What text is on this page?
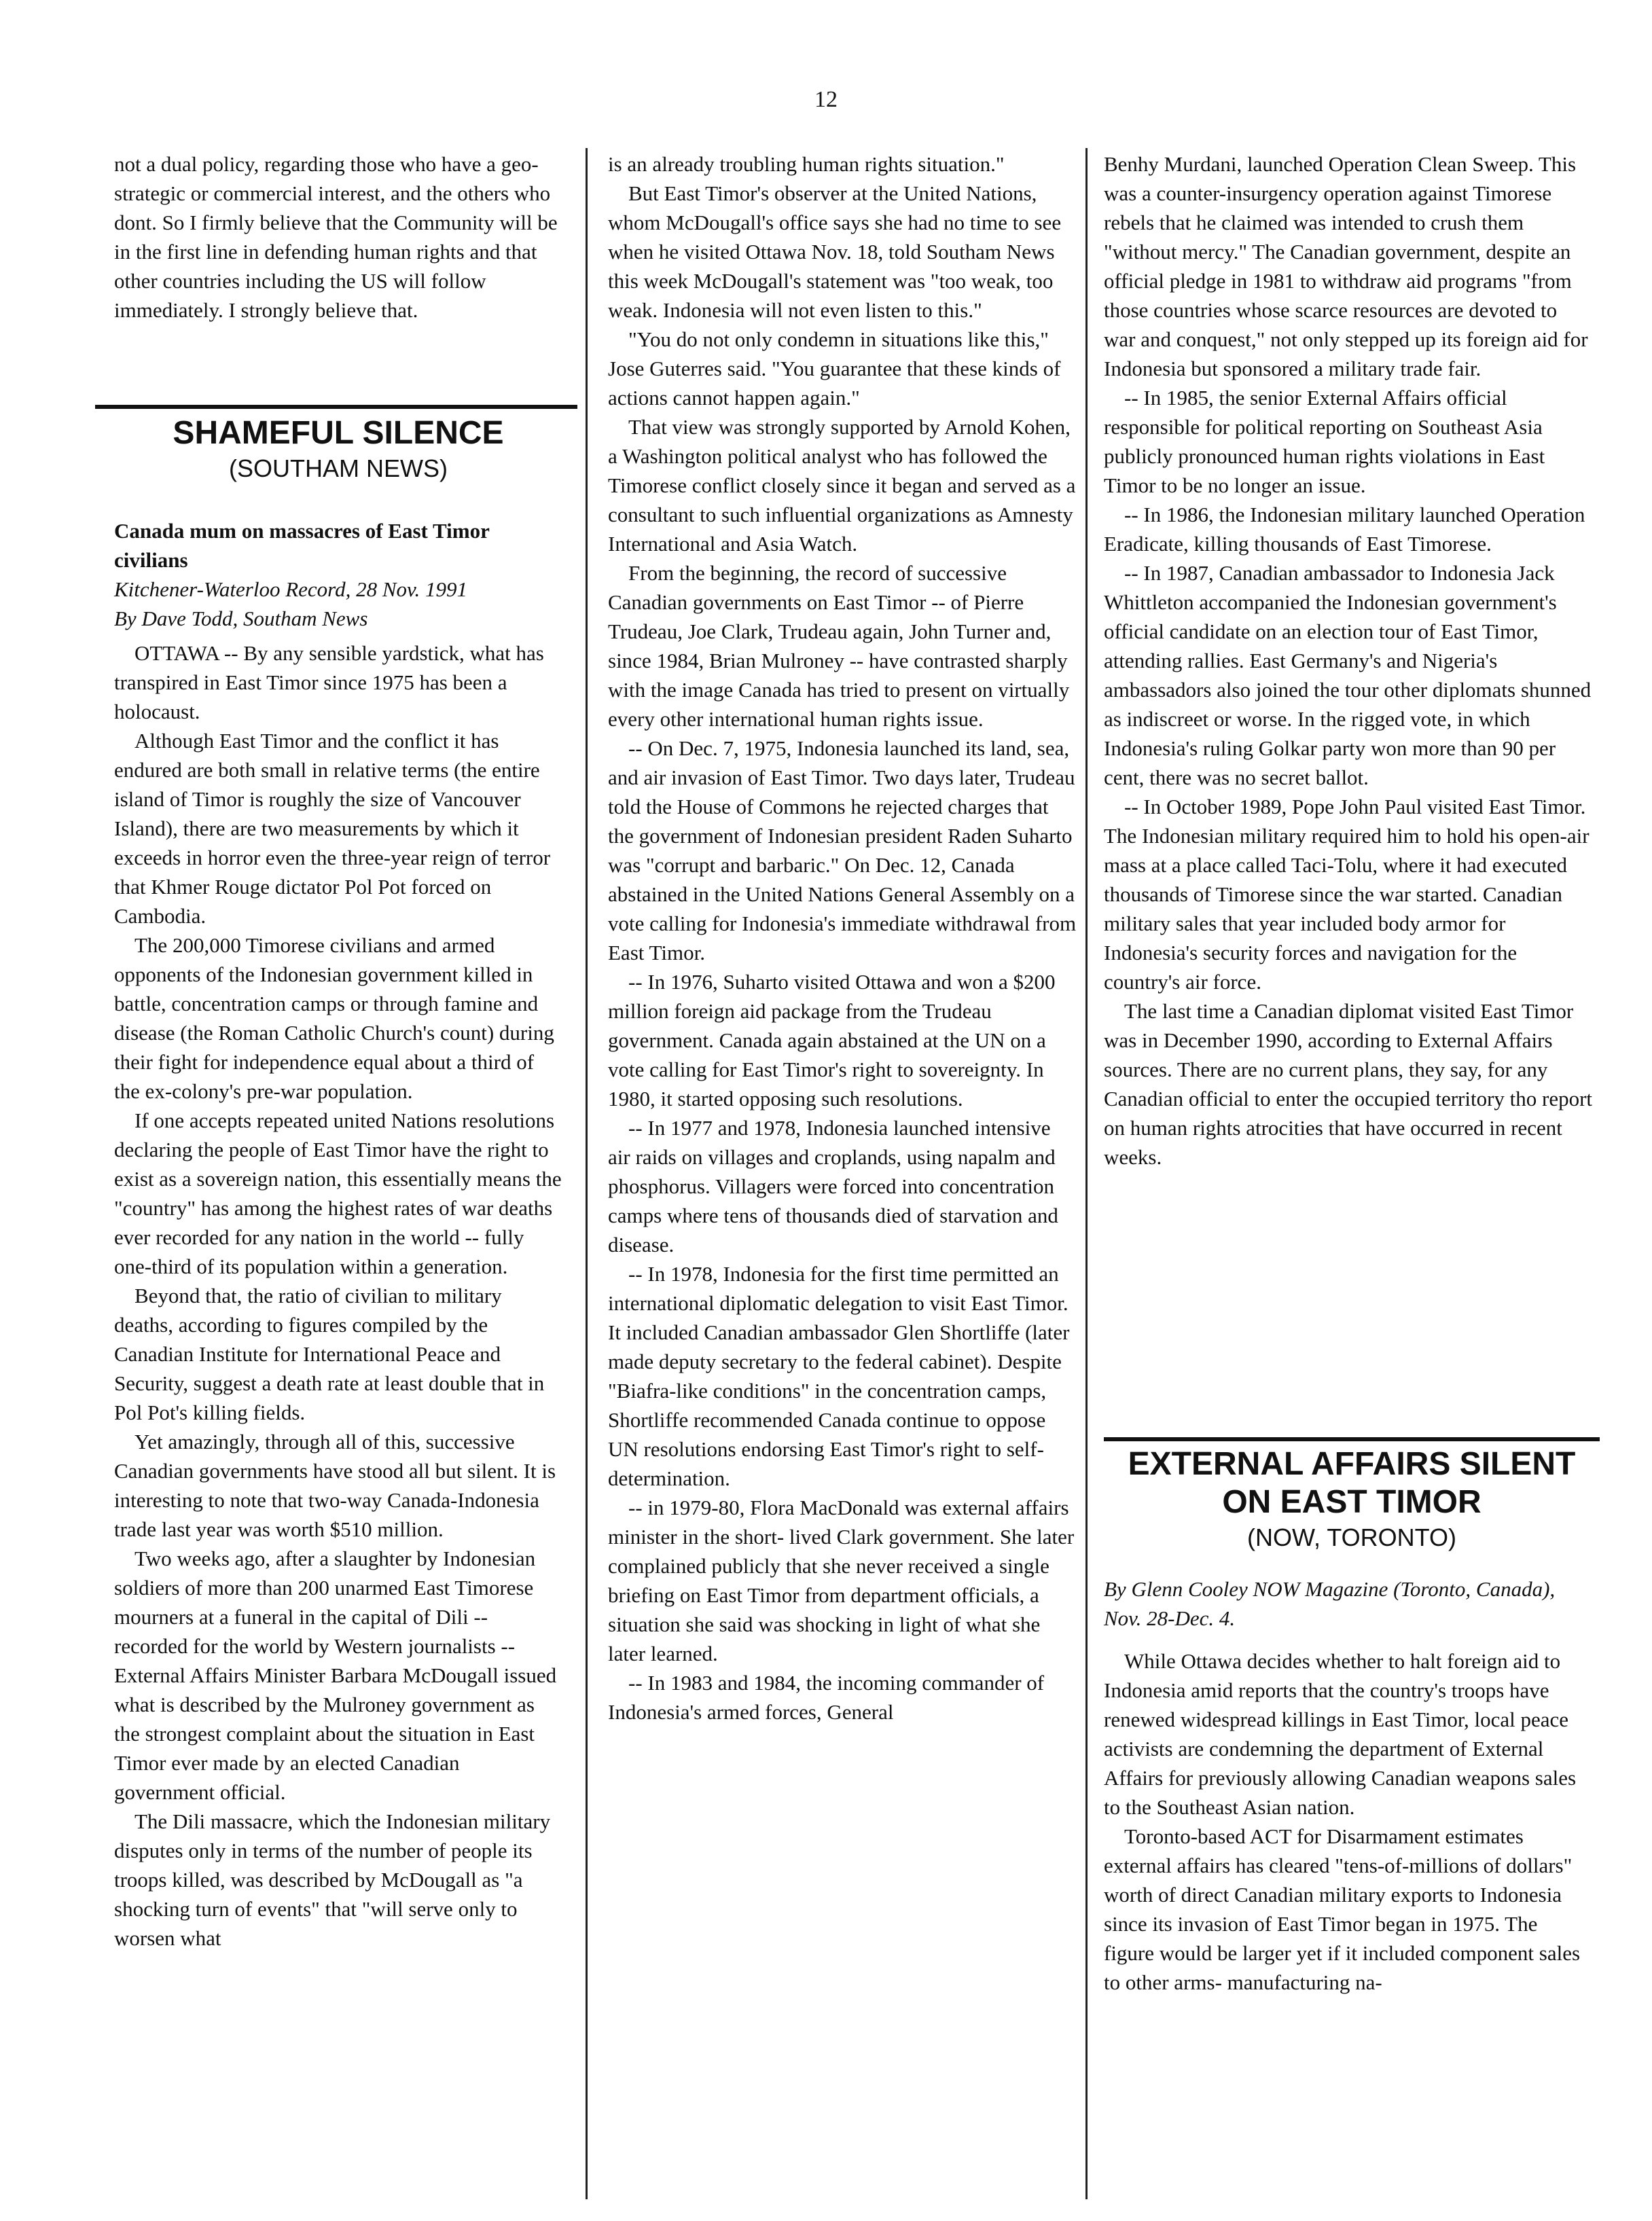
12

not a dual policy, regarding those who have a geo-strategic or commercial interest, and the others who dont. So I firmly believe that the Community will be in the first line in defending human rights and that other countries including the US will follow immediately. I strongly believe that.

SHAMEFUL SILENCE
(SOUTHAM NEWS)

Canada mum on massacres of East Timor civilians

Kitchener-Waterloo Record, 28 Nov. 1991

By Dave Todd, Southam News

OTTAWA -- By any sensible yardstick, what has transpired in East Timor since 1975 has been a holocaust.

Although East Timor and the conflict it has endured are both small in relative terms (the entire island of Timor is roughly the size of Vancouver Island), there are two measurements by which it exceeds in horror even the three-year reign of terror that Khmer Rouge dictator Pol Pot forced on Cambodia.

The 200,000 Timorese civilians and armed opponents of the Indonesian government killed in battle, concentration camps or through famine and disease (the Roman Catholic Church's count) during their fight for independence equal about a third of the ex-colony's pre-war population.

If one accepts repeated united Nations resolutions declaring the people of East Timor have the right to exist as a sovereign nation, this essentially means the "country" has among the highest rates of war deaths ever recorded for any nation in the world -- fully one-third of its population within a generation.

Beyond that, the ratio of civilian to military deaths, according to figures compiled by the Canadian Institute for International Peace and Security, suggest a death rate at least double that in Pol Pot's killing fields.

Yet amazingly, through all of this, successive Canadian governments have stood all but silent. It is interesting to note that two-way Canada-Indonesia trade last year was worth $510 million.

Two weeks ago, after a slaughter by Indonesian soldiers of more than 200 unarmed East Timorese mourners at a funeral in the capital of Dili -- recorded for the world by Western journalists -- External Affairs Minister Barbara McDougall issued what is described by the Mulroney government as the strongest complaint about the situation in East Timor ever made by an elected Canadian government official.

The Dili massacre, which the Indonesian military disputes only in terms of the number of people its troops killed, was described by McDougall as "a shocking turn of events" that "will serve only to worsen what

is an already troubling human rights situation."

But East Timor's observer at the United Nations, whom McDougall's office says she had no time to see when he visited Ottawa Nov. 18, told Southam News this week McDougall's statement was "too weak, too weak. Indonesia will not even listen to this."

"You do not only condemn in situations like this," Jose Guterres said. "You guarantee that these kinds of actions cannot happen again."

That view was strongly supported by Arnold Kohen, a Washington political analyst who has followed the Timorese conflict closely since it began and served as a consultant to such influential organizations as Amnesty International and Asia Watch.

From the beginning, the record of successive Canadian governments on East Timor -- of Pierre Trudeau, Joe Clark, Trudeau again, John Turner and, since 1984, Brian Mulroney -- have contrasted sharply with the image Canada has tried to present on virtually every other international human rights issue.

-- On Dec. 7, 1975, Indonesia launched its land, sea, and air invasion of East Timor. Two days later, Trudeau told the House of Commons he rejected charges that the government of Indonesian president Raden Suharto was "corrupt and barbaric." On Dec. 12, Canada abstained in the United Nations General Assembly on a vote calling for Indonesia's immediate withdrawal from East Timor.

-- In 1976, Suharto visited Ottawa and won a $200 million foreign aid package from the Trudeau government. Canada again abstained at the UN on a vote calling for East Timor's right to sovereignty. In 1980, it started opposing such resolutions.

-- In 1977 and 1978, Indonesia launched intensive air raids on villages and croplands, using napalm and phosphorus. Villagers were forced into concentration camps where tens of thousands died of starvation and disease.

-- In 1978, Indonesia for the first time permitted an international diplomatic delegation to visit East Timor. It included Canadian ambassador Glen Shortliffe (later made deputy secretary to the federal cabinet). Despite "Biafra-like conditions" in the concentration camps, Shortliffe recommended Canada continue to oppose UN resolutions endorsing East Timor's right to self-determination.

-- in 1979-80, Flora MacDonald was external affairs minister in the short- lived Clark government. She later complained publicly that she never received a single briefing on East Timor from department officials, a situation she said was shocking in light of what she later learned.

-- In 1983 and 1984, the incoming commander of Indonesia's armed forces, General

Benhy Murdani, launched Operation Clean Sweep. This was a counter-insurgency operation against Timorese rebels that he claimed was intended to crush them "without mercy." The Canadian government, despite an official pledge in 1981 to withdraw aid programs "from those countries whose scarce resources are devoted to war and conquest," not only stepped up its foreign aid for Indonesia but sponsored a military trade fair.

-- In 1985, the senior External Affairs official responsible for political reporting on Southeast Asia publicly pronounced human rights violations in East Timor to be no longer an issue.

-- In 1986, the Indonesian military launched Operation Eradicate, killing thousands of East Timorese.

-- In 1987, Canadian ambassador to Indonesia Jack Whittleton accompanied the Indonesian government's official candidate on an election tour of East Timor, attending rallies. East Germany's and Nigeria's ambassadors also joined the tour other diplomats shunned as indiscreet or worse. In the rigged vote, in which Indonesia's ruling Golkar party won more than 90 per cent, there was no secret ballot.

-- In October 1989, Pope John Paul visited East Timor. The Indonesian military required him to hold his open-air mass at a place called Taci-Tolu, where it had executed thousands of Timorese since the war started. Canadian military sales that year included body armor for Indonesia's security forces and navigation for the country's air force.

The last time a Canadian diplomat visited East Timor was in December 1990, according to External Affairs sources. There are no current plans, they say, for any Canadian official to enter the occupied territory tho report on human rights atrocities that have occurred in recent weeks.

EXTERNAL AFFAIRS SILENT
ON EAST TIMOR
(NOW, TORONTO)

By Glenn Cooley NOW Magazine (Toronto, Canada), Nov. 28-Dec. 4.

While Ottawa decides whether to halt foreign aid to Indonesia amid reports that the country's troops have renewed widespread killings in East Timor, local peace activists are condemning the department of External Affairs for previously allowing Canadian weapons sales to the Southeast Asian nation.

Toronto-based ACT for Disarmament estimates external affairs has cleared "tens-of-millions of dollars" worth of direct Canadian military exports to Indonesia since its invasion of East Timor began in 1975. The figure would be larger yet if it included component sales to other arms- manufacturing na-
